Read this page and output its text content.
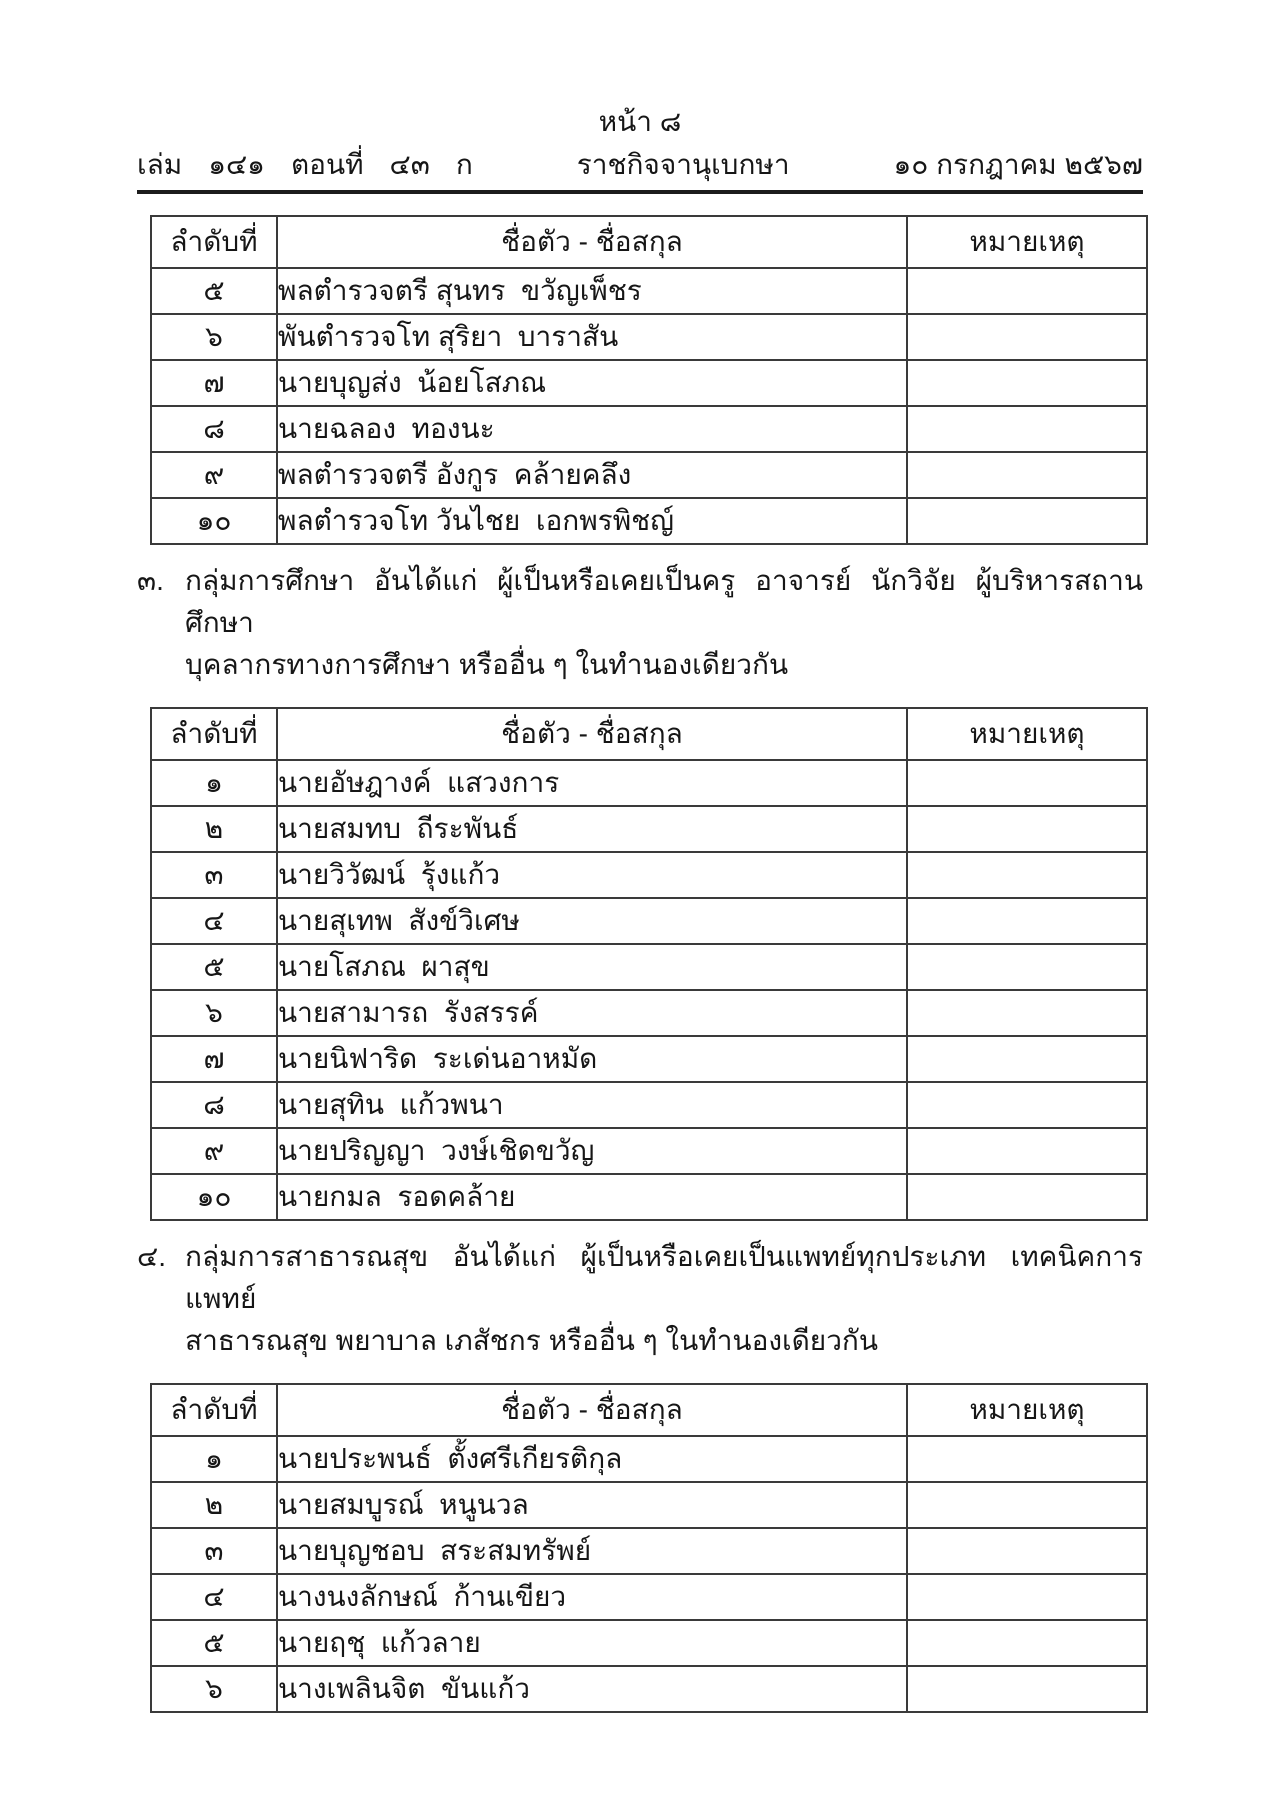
หน้า ๘
เล่ม ๑๔๑ ตอนที่ ๔๓ ก	ราชกิจจานุเบกษา	๑๐ กรกฎาคม ๒๕๖๗
ลำดับที่	ชื่อตัว - ชื่อสกุล	หมายเหตุ
๕	พลตำรวจตรี สุนทร  ขวัญเพ็ชร	
๖	พันตำรวจโท สุริยา  บาราสัน	
๗	นายบุญส่ง  น้อยโสภณ	
๘	นายฉลอง  ทองนะ	
๙	พลตำรวจตรี อังกูร  คล้ายคลึง	
๑๐	พลตำรวจโท วันไชย  เอกพรพิชญ์	
๓. กลุ่มการศึกษา อันได้แก่ ผู้เป็นหรือเคยเป็นครู อาจารย์ นักวิจัย ผู้บริหารสถานศึกษา
บุคลากรทางการศึกษา หรืออื่น ๆ ในทำนองเดียวกัน
ลำดับที่	ชื่อตัว - ชื่อสกุล	หมายเหตุ
๑	นายอัษฎางค์  แสวงการ	
๒	นายสมทบ  ถีระพันธ์	
๓	นายวิวัฒน์  รุ้งแก้ว	
๔	นายสุเทพ  สังข์วิเศษ	
๕	นายโสภณ  ผาสุข	
๖	นายสามารถ  รังสรรค์	
๗	นายนิฟาริด  ระเด่นอาหมัด	
๘	นายสุทิน  แก้วพนา	
๙	นายปริญญา  วงษ์เชิดขวัญ	
๑๐	นายกมล  รอดคล้าย	
๔. กลุ่มการสาธารณสุข อันได้แก่ ผู้เป็นหรือเคยเป็นแพทย์ทุกประเภท เทคนิคการแพทย์
สาธารณสุข พยาบาล เภสัชกร หรืออื่น ๆ ในทำนองเดียวกัน
ลำดับที่	ชื่อตัว - ชื่อสกุล	หมายเหตุ
๑	นายประพนธ์  ตั้งศรีเกียรติกุล	
๒	นายสมบูรณ์  หนูนวล	
๓	นายบุญชอบ  สระสมทรัพย์	
๔	นางนงลักษณ์  ก้านเขียว	
๕	นายฤชุ  แก้วลาย	
๖	นางเพลินจิต  ขันแก้ว	
